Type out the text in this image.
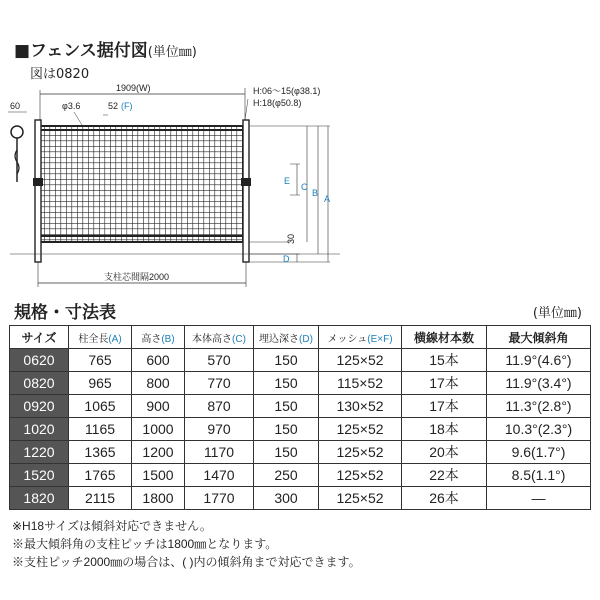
■フェンス据付図(単位㎜)
図は0820
1909(W)
φ3.6	52 (F)
H:06～15(φ38.1)
H:18(φ50.8)
60
支柱芯間隔2000
E
C
B
A
30
D
規格・寸法表	(単位㎜)
サイズ	柱全長(A)	高さ(B)	本体高さ(C)	埋込深さ(D)	メッシュ(E×F)	横線材本数	最大傾斜角
0620	765	600	570	150	125×52	15本	11.9°(4.6°)
0820	965	800	770	150	115×52	17本	11.9°(3.4°)
0920	1065	900	870	150	130×52	17本	11.3°(2.8°)
1020	1165	1000	970	150	125×52	18本	10.3°(2.3°)
1220	1365	1200	1170	150	125×52	20本	9.6(1.7°)
1520	1765	1500	1470	250	125×52	22本	8.5(1.1°)
1820	2115	1800	1770	300	125×52	26本	―
※H18サイズは傾斜対応できません。
※最大傾斜角の支柱ピッチは1800㎜となります。
※支柱ピッチ2000㎜の場合は、( )内の傾斜角まで対応できます。
